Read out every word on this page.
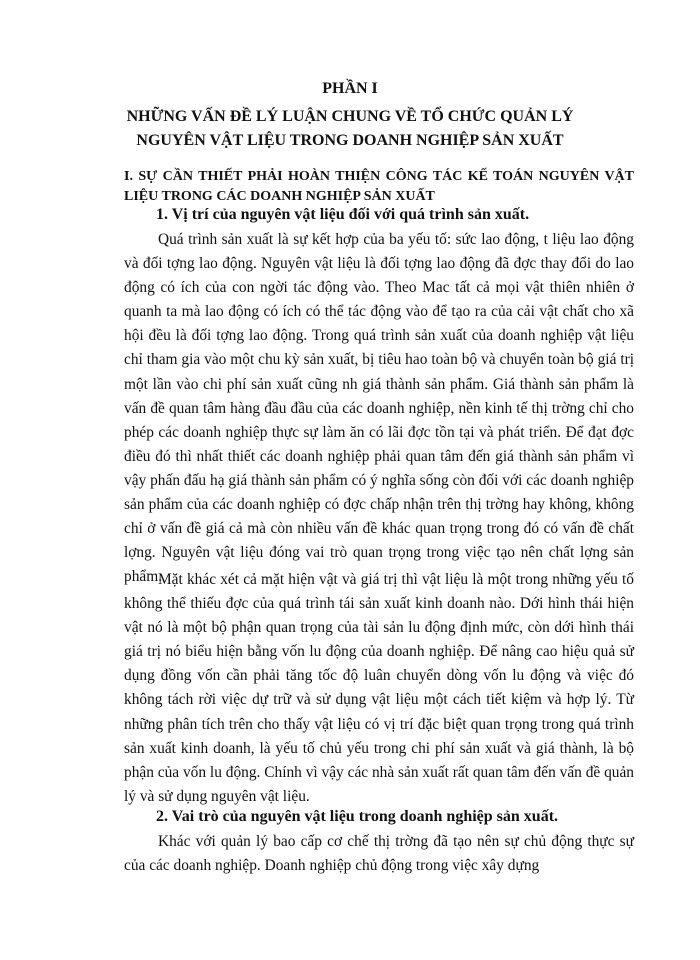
PHẦN I

NHỮNG VẤN ĐỀ LÝ LUẬN CHUNG VỀ TỔ CHỨC QUẢN LÝ

NGUYÊN VẬT LIỆU TRONG DOANH NGHIỆP SẢN XUẤT

I. SỰ CẦN THIẾT PHẢI HOÀN THIỆN CÔNG TÁC KẾ TOÁN NGUYÊN VẬT LIỆU TRONG CÁC DOANH NGHIỆP SẢN XUẤT

1. Vị trí của nguyên vật liệu đối với quá trình sản xuất.

Quá trình sản xuất là sự kết hợp của ba yếu tố: sức lao động, t liệu lao động và đối tợng lao động. Nguyên vật liệu là đối tợng lao động đã đợc thay đổi do lao động có ích của con ngời tác động vào. Theo Mac tất cả mọi vật thiên nhiên ở quanh ta mà lao động có ích có thể tác động vào để tạo ra của cải vật chất cho xã hội đều là đối tợng lao động. Trong quá trình sản xuất của doanh nghiệp vật liệu chỉ tham gia vào một chu kỳ sản xuất, bị tiêu hao toàn bộ và chuyển toàn bộ giá trị một lần vào chi phí sản xuất cũng nh giá thành sản phẩm. Giá thành sản phẩm là vấn đề quan tâm hàng đầu đầu của các doanh nghiệp, nền kinh tế thị trờng chỉ cho phép các doanh nghiệp thực sự làm ăn có lãi đợc tồn tại và phát triển. Để đạt đợc điều đó thì nhất thiết các doanh nghiệp phải quan tâm đến giá thành sản phẩm vì vậy phấn đấu hạ giá thành sản phẩm có ý nghĩa sống còn đối với các doanh nghiệp sản phẩm của các doanh nghiệp có đợc chấp nhận trên thị trờng hay không, không chỉ ở vấn đề giá cả mà còn nhiều vấn đề khác quan trọng trong đó có vấn đề chất lợng. Nguyên vật liệu đóng vai trò quan trọng trong việc tạo nên chất lợng sản phẩm.

Mặt khác xét cả mặt hiện vật và giá trị thì vật liệu là một trong những yếu tố không thể thiếu đợc của quá trình tái sản xuất kinh doanh nào. Dới hình thái hiện vật nó là một bộ phận quan trọng của tài sản lu động định mức, còn dới hình thái giá trị nó biểu hiện bằng vốn lu động của doanh nghiệp. Để nâng cao hiệu quả sử dụng đồng vốn cần phải tăng tốc độ luân chuyển dòng vốn lu động và việc đó không tách rời việc dự trữ và sử dụng vật liệu một cách tiết kiệm và hợp lý. Từ những phân tích trên cho thấy vật liệu có vị trí đặc biệt quan trọng trong quá trình sản xuất kinh doanh, là yếu tố chủ yếu trong chi phí sản xuất và giá thành, là bộ phận của vốn lu động. Chính vì vậy các nhà sản xuất rất quan tâm đến vấn đề quản lý và sử dụng nguyên vật liệu.

2. Vai trò của nguyên vật liệu trong doanh nghiệp sản xuất.

Khác với quản lý bao cấp cơ chế thị trờng đã tạo nên sự chủ động thực sự của các doanh nghiệp. Doanh nghiệp chủ động trong việc xây dựng
